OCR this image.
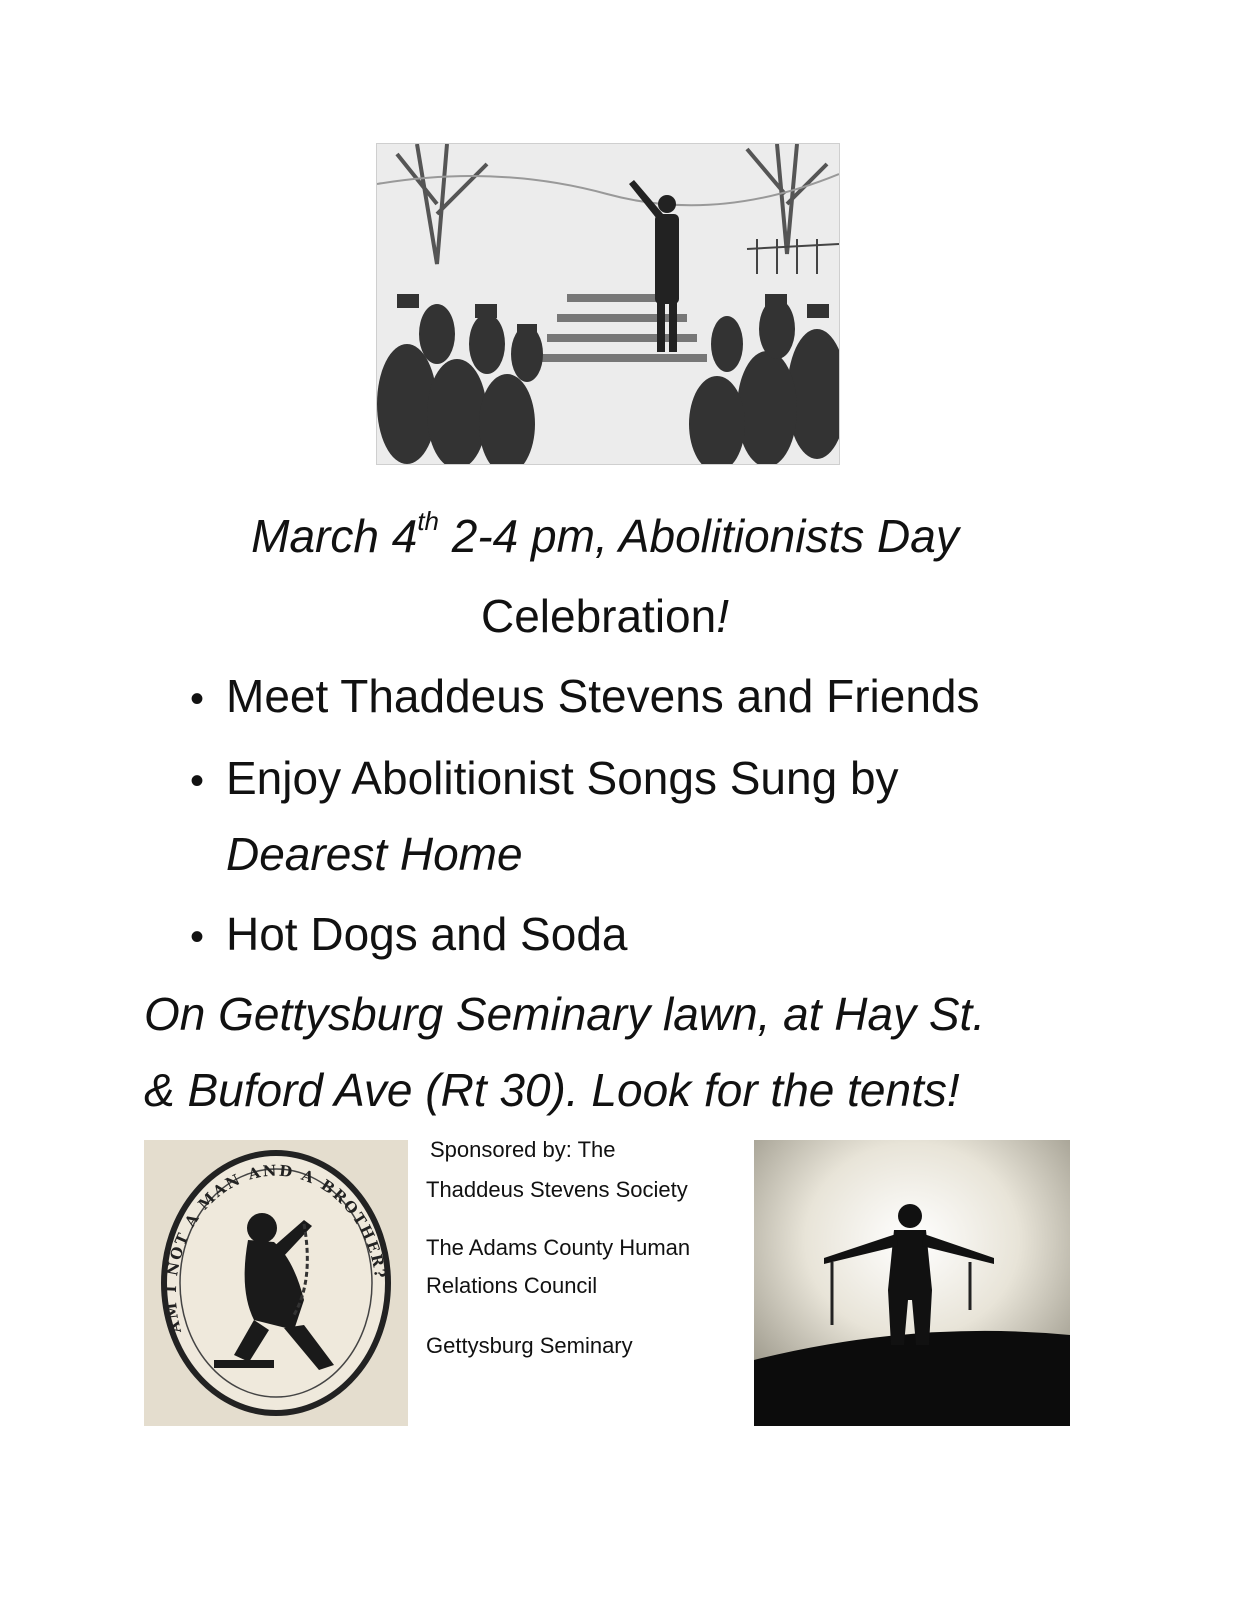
March 4th 2-4 pm, Abolitionists Day
Celebration!
• Meet Thaddeus Stevens and Friends
• Enjoy Abolitionist Songs Sung by
Dearest Home
• Hot Dogs and Soda
On Gettysburg Seminary lawn, at Hay St.
& Buford Ave (Rt 30). Look for the tents!
AM I NOT A MAN AND A BROTHER?
Sponsored by: The
Thaddeus Stevens Society
The Adams County Human
Relations Council
Gettysburg Seminary
